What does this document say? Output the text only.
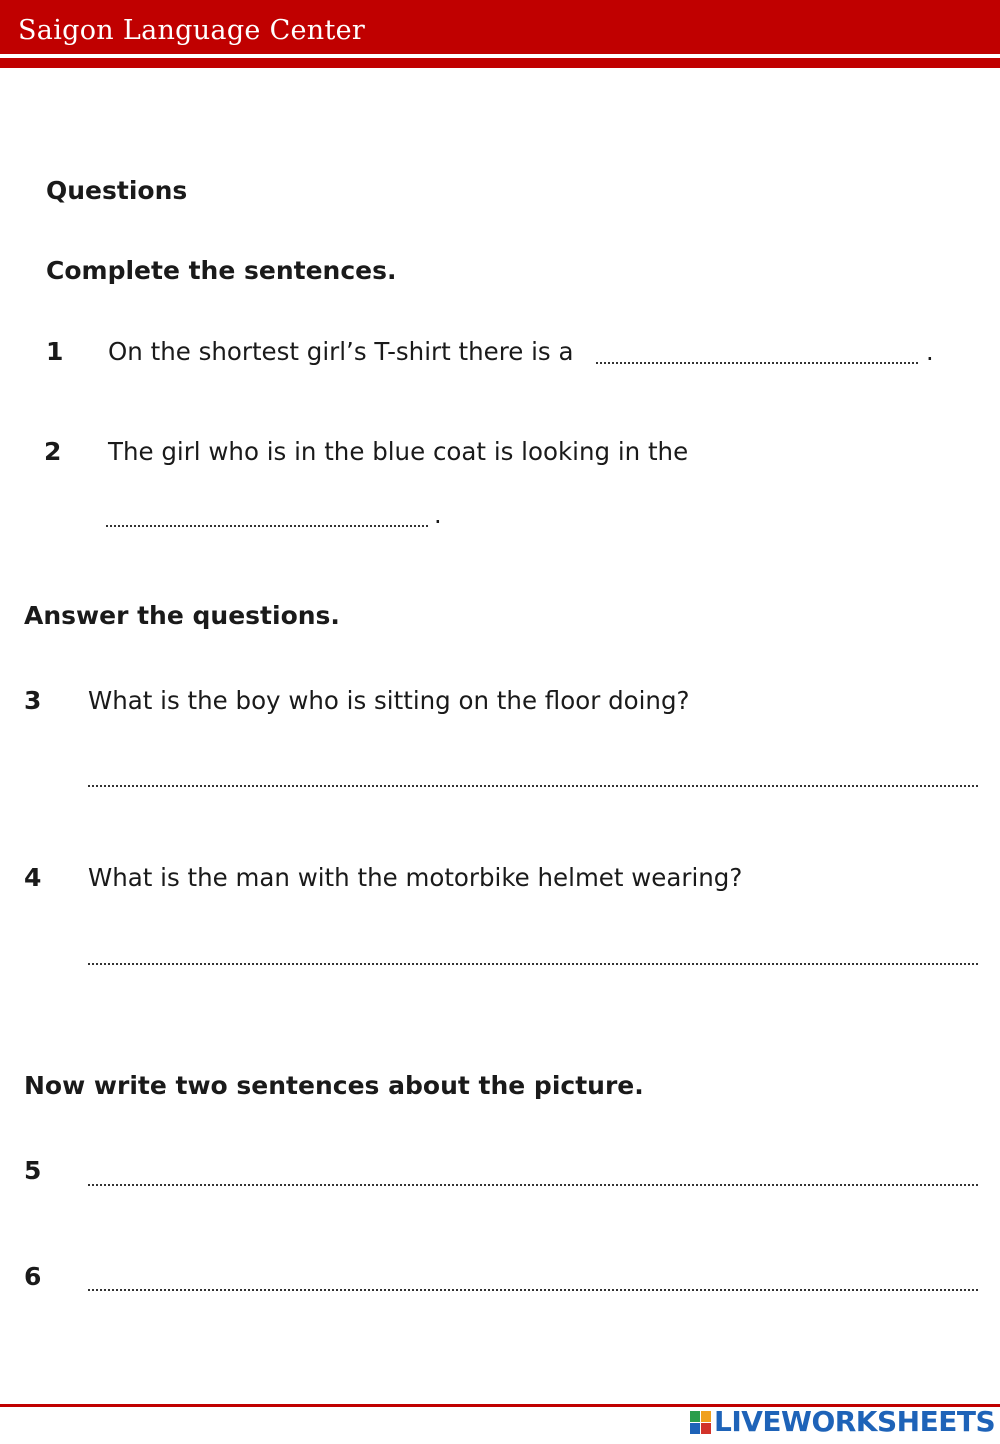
Saigon Language Center
Questions
Complete the sentences.
1 On the shortest girl’s T-shirt there is a	.
2 The girl who is in the blue coat is looking in the
.
Answer the questions.
3 What is the boy who is sitting on the floor doing?
4 What is the man with the motorbike helmet wearing?
Now write two sentences about the picture.
5
6
LIVEWORKSHEETS
